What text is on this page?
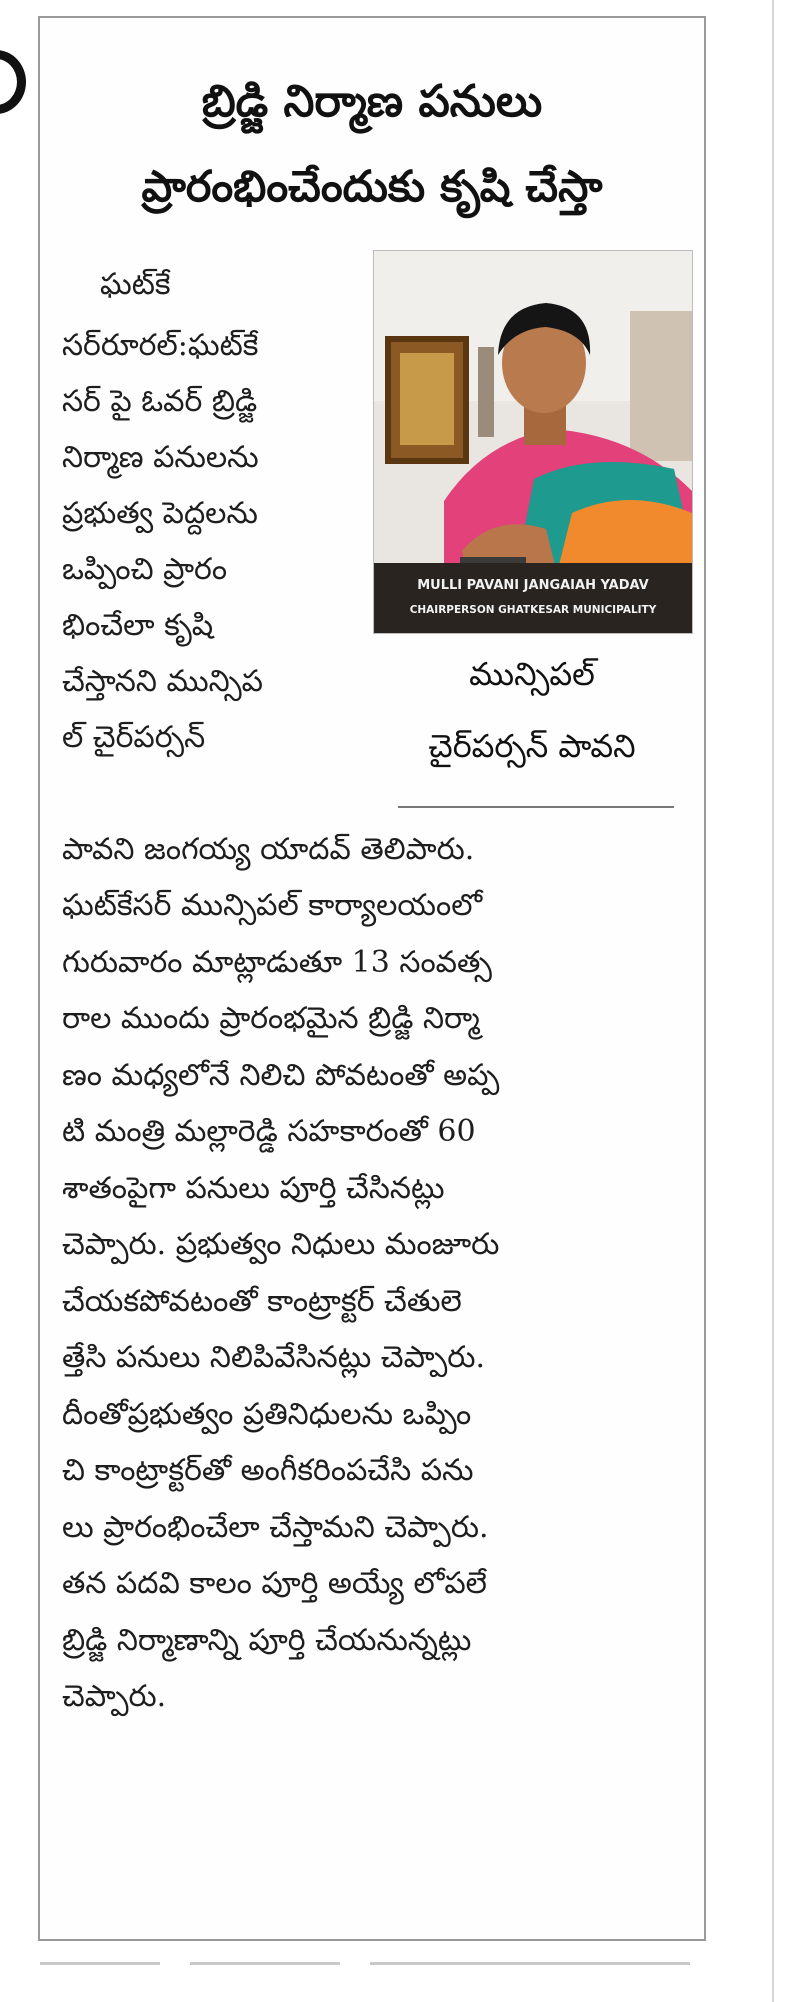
బ్రిడ్జి నిర్మాణ పనులు
ప్రారంభించేందుకు కృషి చేస్తా

ఘట్‌కే

సర్‌రూరల్‌:ఘట్‌కే

సర్ పై ఓవర్ బ్రిడ్జి

నిర్మాణ పనులను

ప్రభుత్వ పెద్దలను

ఒప్పించి ప్రారం

భించేలా కృషి

చేస్తానని మున్సిప

ల్ చైర్‌పర్సన్

MULLI PAVANI JANGAIAH YADAV
CHAIRPERSON GHATKESAR MUNICIPALITY
మున్సిపల్
చైర్‌పర్సన్ పావని

పావని జంగయ్య యాదవ్ తెలిపారు.

ఘట్‌కేసర్ మున్సిపల్ కార్యాలయంలో

గురువారం మాట్లాడుతూ 13 సంవత్స

రాల ముందు ప్రారంభమైన బ్రిడ్జి నిర్మా

ణం మధ్యలోనే నిలిచి పోవటంతో అప్ప

టి మంత్రి మల్లారెడ్డి సహకారంతో 60

శాతంపైగా పనులు పూర్తి చేసినట్లు

చెప్పారు. ప్రభుత్వం నిధులు మంజూరు

చేయకపోవటంతో కాంట్రాక్టర్ చేతులె

త్తేసి పనులు నిలిపివేసినట్లు చెప్పారు.

దీంతోప్రభుత్వం ప్రతినిధులను ఒప్పిం

చి కాంట్రాక్టర్‌తో అంగీకరింపచేసి పను

లు ప్రారంభించేలా చేస్తామని చెప్పారు.

తన పదవి కాలం పూర్తి అయ్యే లోపలే

బ్రిడ్జి నిర్మాణాన్ని పూర్తి చేయనున్నట్లు

చెప్పారు.
